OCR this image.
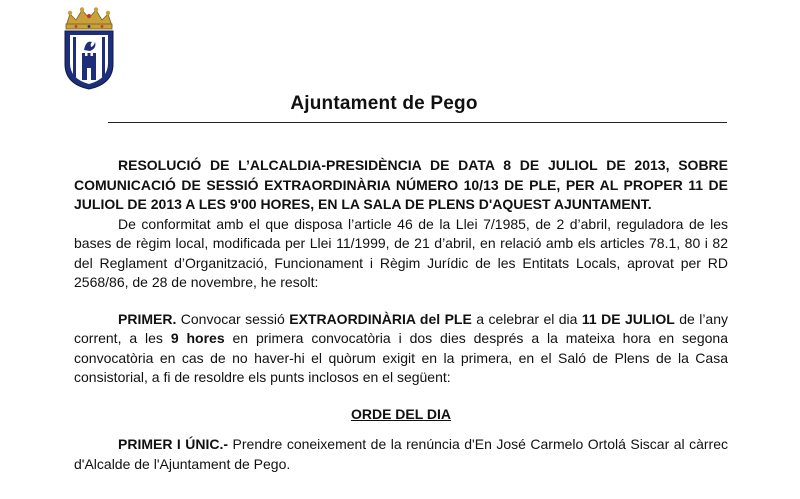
Ajuntament de Pego

RESOLUCIÓ DE L’ALCALDIA-PRESIDÈNCIA DE DATA 8 DE JULIOL DE 2013, SOBRE COMUNICACIÓ DE SESSIÓ EXTRAORDINÀRIA NÚMERO 10/13 DE PLE, PER AL PROPER 11 DE JULIOL DE 2013 A LES 9'00 HORES, EN LA SALA DE PLENS D'AQUEST AJUNTAMENT.

De conformitat amb el que disposa l’article 46 de la Llei 7/1985, de 2 d’abril, reguladora de les bases de règim local, modificada per Llei 11/1999, de 21 d’abril, en relació amb els articles 78.1, 80 i 82 del Reglament d’Organització, Funcionament i Règim Jurídic de les Entitats Locals, aprovat per RD 2568/86, de 28 de novembre, he resolt:

PRIMER. Convocar sessió EXTRAORDINÀRIA del PLE a celebrar el dia 11 DE JULIOL de l’any corrent, a les 9 hores en primera convocatòria i dos dies després a la mateixa hora en segona convocatòria en cas de no haver-hi el quòrum exigit en la primera, en el Saló de Plens de la Casa consistorial, a fi de resoldre els punts inclosos en el següent:

ORDE DEL DIA

PRIMER I ÚNIC.- Prendre coneixement de la renúncia d'En José Carmelo Ortolá Siscar al càrrec d'Alcalde de l'Ajuntament de Pego.
